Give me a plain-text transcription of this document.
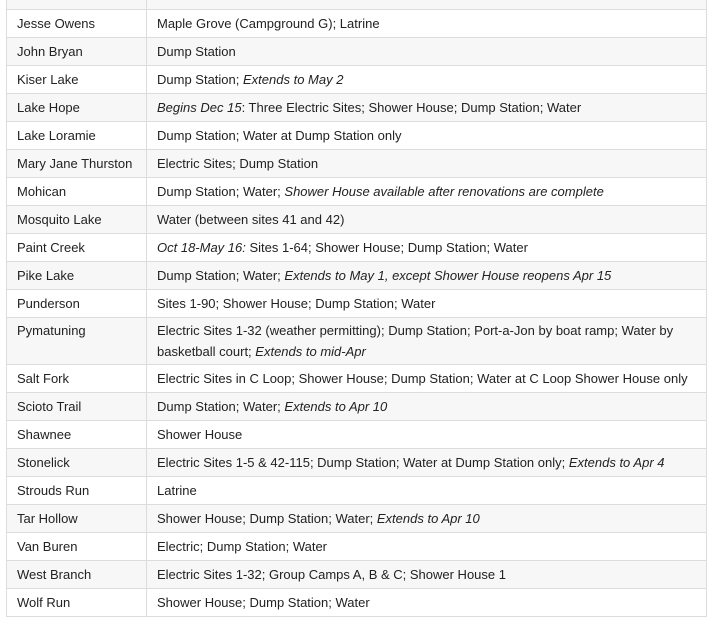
Jesse Owens	Maple Grove (Campground G); Latrine
John Bryan	Dump Station
Kiser Lake	Dump Station; Extends to May 2
Lake Hope	Begins Dec 15: Three Electric Sites; Shower House; Dump Station; Water
Lake Loramie	Dump Station; Water at Dump Station only
Mary Jane Thurston	Electric Sites; Dump Station
Mohican	Dump Station; Water; Shower House available after renovations are complete
Mosquito Lake	Water (between sites 41 and 42)
Paint Creek	Oct 18-May 16: Sites 1-64; Shower House; Dump Station; Water
Pike Lake	Dump Station; Water; Extends to May 1, except Shower House reopens Apr 15
Punderson	Sites 1-90; Shower House; Dump Station; Water
Pymatuning	Electric Sites 1-32 (weather permitting); Dump Station; Port-a-Jon by boat ramp; Water by basketball court; Extends to mid-Apr
Salt Fork	Electric Sites in C Loop; Shower House; Dump Station; Water at C Loop Shower House only
Scioto Trail	Dump Station; Water; Extends to Apr 10
Shawnee	Shower House
Stonelick	Electric Sites 1-5 & 42-115; Dump Station; Water at Dump Station only; Extends to Apr 4
Strouds Run	Latrine
Tar Hollow	Shower House; Dump Station; Water; Extends to Apr 10
Van Buren	Electric; Dump Station; Water
West Branch	Electric Sites 1-32; Group Camps A, B & C; Shower House 1
Wolf Run	Shower House; Dump Station; Water
